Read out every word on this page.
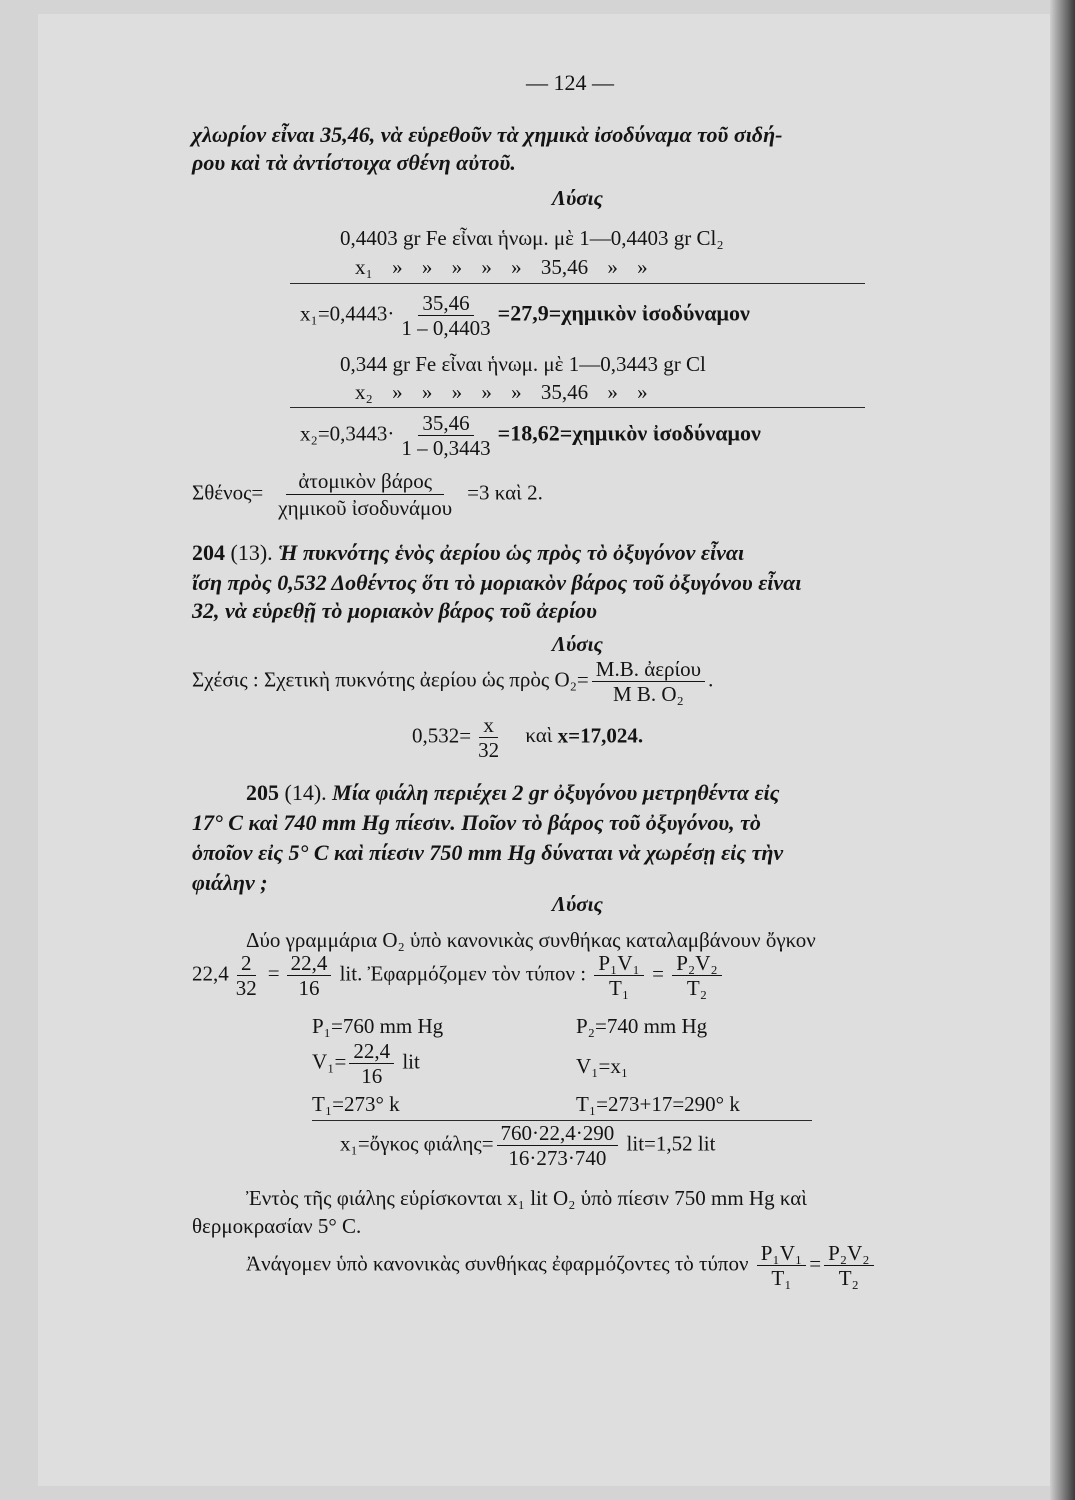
— 124 —
χλωρίον εἶναι 35,46, νὰ εὑρεθοῦν τὰ χημικὰ ἰσοδύναμα τοῦ σιδή-
ρου καὶ τὰ ἀντίστοιχα σθένη αὐτοῦ.
Λύσις
0,4403 gr Fe εἶναι ἡνωμ. μὲ 1—0,4403 gr Cl₂
x₁ » » » » » 35,46 » »
$x_1=0,4443\cdot \frac{35,46}{1 - 0,4403}$ =27,9=χημικὸν ἰσοδύναμον
0,344 gr Fe εἶναι ἡνωμ. μὲ 1—0,3443 gr Cl
x₂ » » » » » 35,46 » »
$x_2=0,3443\cdot \frac{35,46}{1 - 0,3443}$ =18,62=χημικὸν ἰσοδύναμον
$\Sigma\theta έ\nu o\varsigma= \frac{\text{ἀτομικὸν βάρος}}{\text{χημικοῦ ἰσοδυνάμου}} =3$ καὶ 2.
204 (13). Ἡ πυκνότης ἑνὸς ἀερίου ὡς πρὸς τὸ ὀξυγόνον εἶναι
ἴση πρὸς 0,532 Δοθέντος ὅτι τὸ μοριακὸν βάρος τοῦ ὀξυγόνου εἶναι
32, νὰ εὑρεθῇ τὸ μοριακὸν βάρος τοῦ ἀερίου
Λύσις
Σχέσις : Σχετικὴ πυκνότης ἀερίου ὡς πρὸς $O_2= \frac{\text{Μ.Β. ἀερίου}}{\text{Μ Β. O₂}}$ .
$0,532= \frac{x}{32}$ καὶ x=17,024.
205 (14). Μία φιάλη περιέχει 2 gr ὀξυγόνου μετρηθέντα εἰς
17° C καὶ 740 mm Hg πίεσιν. Ποῖον τὸ βάρος τοῦ ὀξυγόνου, τὸ
ὁποῖον εἰς 5° C καὶ πίεσιν 750 mm Hg δύναται νὰ χωρέσῃ εἰς τὴν
φιάλην ;
Λύσις
Δύο γραμμάρια O₂ ὑπὸ κανονικὰς συνθήκας καταλαμβάνουν ὄγκον
$22,4 \frac{2}{32} = \frac{22,4}{16}$ lit. Ἐφαρμόζομεν τὸν τύπον : $\frac{\text{P₁V₁}}{\text{T₁}} = \frac{\text{P₂V₂}}{\text{T₂}}$
P₁=760 mm Hg	P₂=740 mm Hg
$V_1= \frac{22,4}{16}$ lit	V₁=x₁
T₁=273° k	T₁=273+17=290° k
x₁=ὄγκος $\varphi\iota ά\lambda\eta\varsigma= \frac{760\cdot 22,4\cdot 290}{16\cdot 273\cdot 740} lit=1,52$ lit
Ἐντὸς τῆς φιάλης εὑρίσκονται x₁ lit O₂ ὑπὸ πίεσιν 750 mm Hg καὶ
θερμοκρασίαν 5° C.
Ἀνάγομεν ὑπὸ κανονικὰς συνθήκας ἐφαρμόζοντες τὸ τύπον $\frac{\text{P₁V₁}}{\text{T₁}} = \frac{\text{P₂V₂}}{\text{T₂}}$
